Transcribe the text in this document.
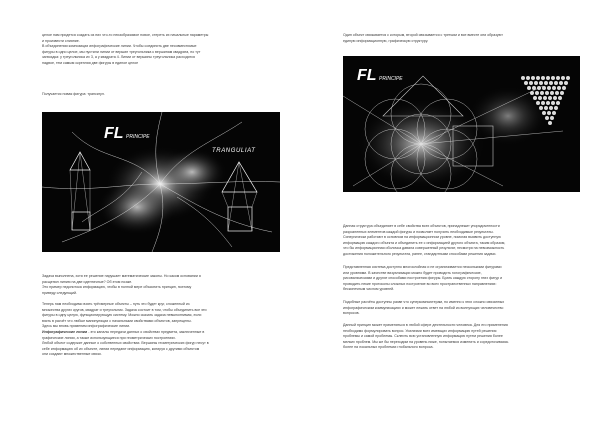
целое нам придется создать из них что-то неизобразимое новое, стереть их начальные параметры

и произвести слияние.

В объединении композиции инфографические линии. Чтобы соединить две несовместимые

фигуры в одно целое, мы пустили линии от вершин треугольника к вершинам квадрата, но тут

загвоздка: у треугольника их 3, а у квадрата 4. Линии от вершины треугольника расходятся

надвое, тем самым скрепляя две фигуры в единое целое

Получается новая фигура: трансигул.

FL PRINCIPE
TRANGULIAT

Задача выполнена, хотя ее решение нарушает математические законы. Но каком основании я

расщепил линию на две идентичные? Об этом позже.

Это пример недопотока информацию, чтобы в полной мере объяснить принцип, поэтому

приведу следующий.

Теперь нам необходимо взять трёхмерные объекты – путь это будет круг, сложенный из

множества других кругов, квадрат и треугольник. Задача состоит в том, чтобы объединить все эти

фигуры в одну целую, функционирующую систему. Можно сказать задача невыполнимая, если

взять в расчёт что любые манипуляции с начальными свойствами объектов, запрещены.

Здесь мы вновь применим инфографические линии.

Инфографические линии - это каналы передачи данных о свойствах предмета, заключенные в

графические линии, а также использующиеся при геометрических построениях.

Любой объект содержит данные о собственных свойствах. Вершины геометрических фигур несут в

себе информацию об их объекте, линии передают информацию, копируя с другими объектом

они создают множественные связи.

Один объект связывается с которым, второй связывается с третьим и все вместе они образуют

единую информационную, графическую структуру.

FL PRINCIPE

Данная структура объединяет в себе свойства всех объектов, принадлежит упорядоченности

разрозненных элементов каждой фигуры и позволяет получить необходимые результаты.

Синергически работают в основном на информационном уровне, помогая выявить доступную

информацию каждого объекта и объединить ее с информацией другого объекта, таким образом,

что бы информационная оболочка давала совершенный результат, несмотря на невозможность

достижения положительного результата, ранее, стандартными способами решения задачи.

Представленная система доступно многослойная и не ограничивается несколькими фигурами

или уровнями. В качестве визуализации можно будет проводить голографические,

рисовальческими и другие способами построения фигуры. Брать каждую сторону этих фигур и

проводить некие протоколы сложных построение во всех пространственных направлениях:

бесконечным числом уровней.

Подобные расчёты доступны разве что суперкомпьютерам, но именно к этих сложно связанных

инфографическим коммуникациях и может лежать ответ на любой из волнующих человечество

вопросов.

Данный принцип может применяться в любой сфере деятельности человека. Для его применения

необходимо формулировать вопрос. Усилиями всех имеющих информацию путей решения

проблемы и самой проблемы. Склеить всю установленную информацию путем решения более

мелких проблем. Мы же бы переходим на уровень ниже, попытаемся изменить и соредоточиваясь

более на локальных проблемах глобального вопроса.
